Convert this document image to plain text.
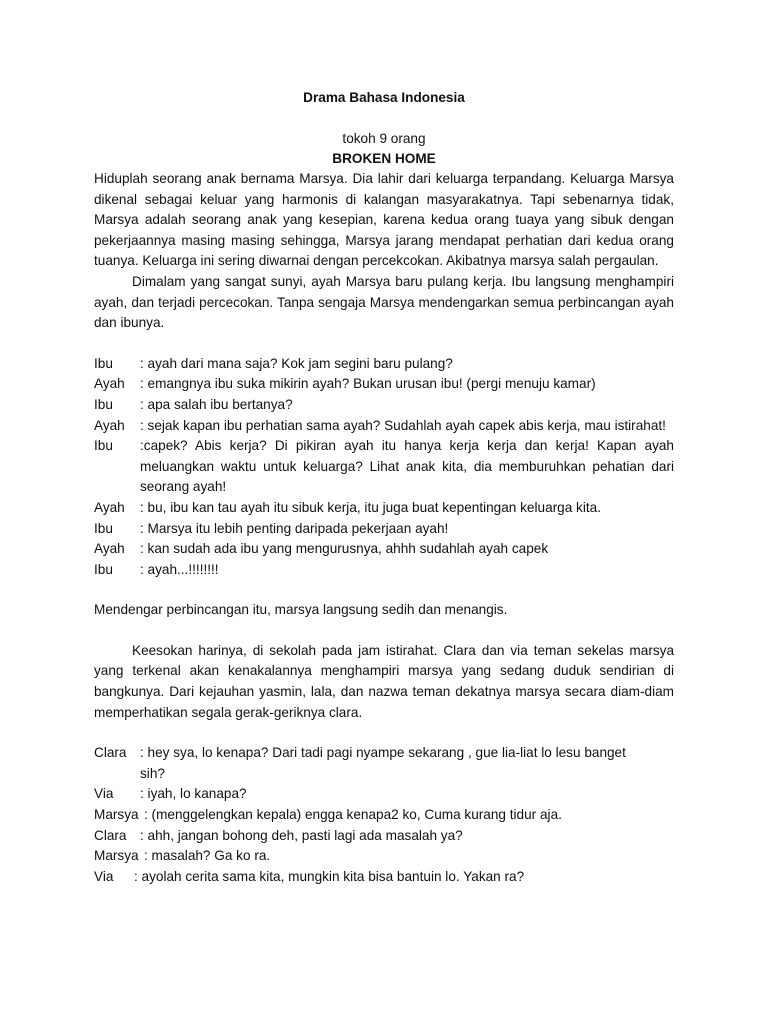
Drama Bahasa Indonesia
tokoh 9 orang
BROKEN HOME

Hiduplah seorang anak bernama Marsya. Dia lahir dari keluarga terpandang. Keluarga Marsya dikenal sebagai keluar yang harmonis di kalangan masyarakatnya. Tapi sebenarnya tidak, Marsya adalah seorang anak yang kesepian, karena kedua orang tuaya yang sibuk dengan pekerjaannya masing masing sehingga, Marsya jarang mendapat perhatian dari kedua orang tuanya. Keluarga ini sering diwarnai dengan percekcokan. Akibatnya marsya salah pergaulan.

Dimalam yang sangat sunyi, ayah Marsya baru pulang kerja. Ibu langsung menghampiri ayah, dan terjadi percecokan. Tanpa sengaja Marsya mendengarkan semua perbincangan ayah dan ibunya.

Ibu	: ayah dari mana saja? Kok jam segini baru pulang?
Ayah	: emangnya ibu suka mikirin ayah? Bukan urusan ibu! (pergi menuju kamar)
Ibu	: apa salah ibu bertanya?
Ayah : sejak kapan ibu perhatian sama ayah? Sudahlah ayah capek abis kerja, mau istirahat!
Ibu	:capek? Abis kerja? Di pikiran ayah itu hanya kerja kerja dan kerja! Kapan ayah meluangkan waktu untuk keluarga? Lihat anak kita, dia memburuhkan pehatian dari seorang ayah!
Ayah	: bu, ibu kan tau ayah itu sibuk kerja, itu juga buat kepentingan keluarga kita.
Ibu	: Marsya itu lebih penting daripada pekerjaan ayah!
Ayah	: kan sudah ada ibu yang mengurusnya, ahhh sudahlah ayah capek
Ibu	: ayah...!!!!!!!!

Mendengar perbincangan itu, marsya langsung sedih dan menangis.

Keesokan harinya, di sekolah pada jam istirahat. Clara dan via teman sekelas marsya yang terkenal akan kenakalannya menghampiri marsya yang sedang duduk sendirian di bangkunya. Dari kejauhan yasmin, lala, dan nazwa teman dekatnya marsya secara diam-diam memperhatikan segala gerak-geriknya clara.

Clara : hey sya, lo kenapa? Dari tadi pagi nyampe sekarang , gue lia-liat lo lesu banget sih?
Via	: iyah, lo kanapa?
Marsya : (menggelengkan kepala) engga kenapa2 ko, Cuma kurang tidur aja.
Clara : ahh, jangan bohong deh, pasti lagi ada masalah ya?
Marsya : masalah? Ga ko ra.
Via	: ayolah cerita sama kita, mungkin kita bisa bantuin lo. Yakan ra?
